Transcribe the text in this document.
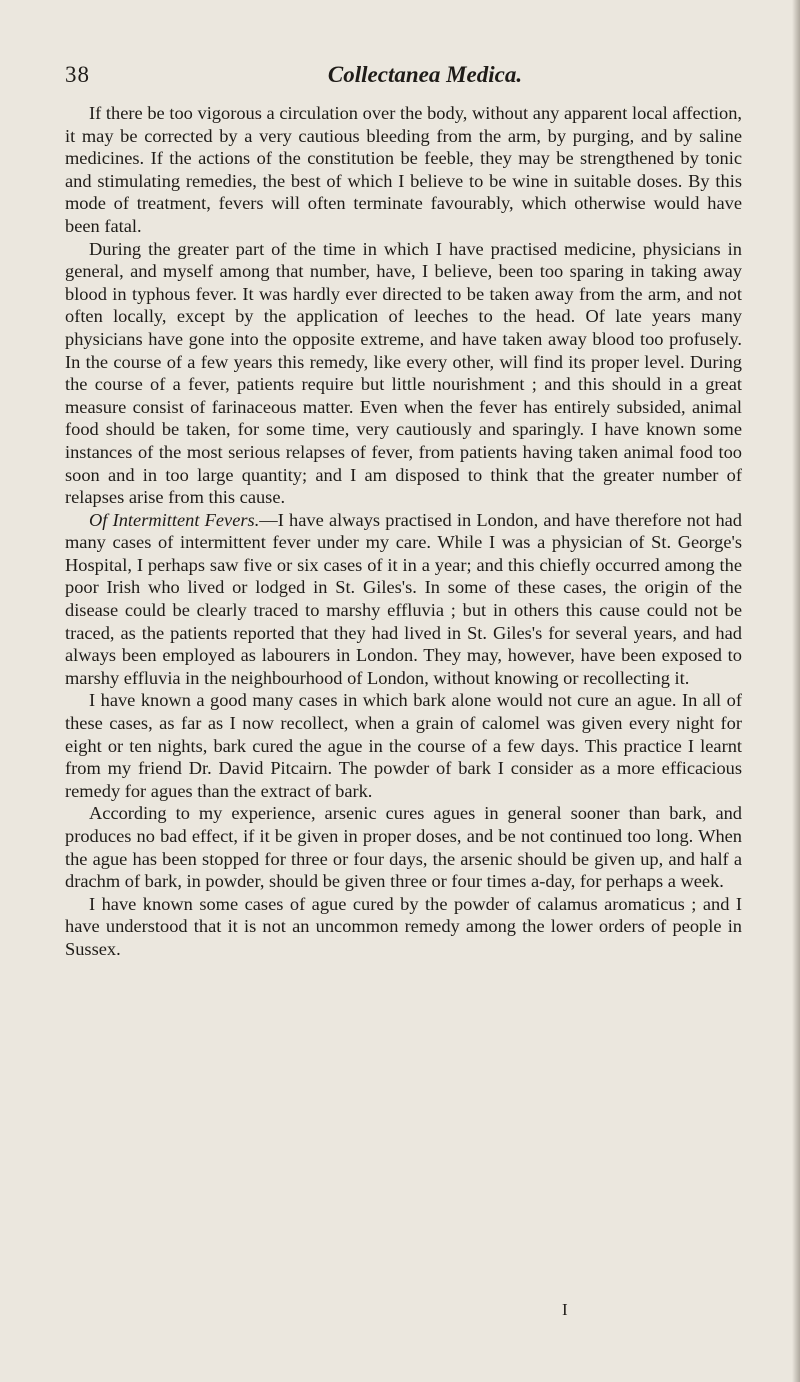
38	Collectanea Medica.

If there be too vigorous a circulation over the body, without any apparent local affection, it may be corrected by a very cautious bleeding from the arm, by purging, and by saline medicines. If the actions of the constitution be feeble, they may be strengthened by tonic and stimulating remedies, the best of which I believe to be wine in suitable doses. By this mode of treatment, fevers will often terminate favourably, which otherwise would have been fatal.

During the greater part of the time in which I have practised medicine, physicians in general, and myself among that number, have, I believe, been too sparing in taking away blood in typhous fever. It was hardly ever directed to be taken away from the arm, and not often locally, except by the application of leeches to the head. Of late years many physicians have gone into the opposite extreme, and have taken away blood too profusely. In the course of a few years this remedy, like every other, will find its proper level. During the course of a fever, patients require but little nourishment ; and this should in a great measure consist of farinaceous matter. Even when the fever has entirely subsided, animal food should be taken, for some time, very cautiously and sparingly. I have known some instances of the most serious relapses of fever, from patients having taken animal food too soon and in too large quantity; and I am disposed to think that the greater number of relapses arise from this cause.

Of Intermittent Fevers.—I have always practised in London, and have therefore not had many cases of intermittent fever under my care. While I was a physician of St. George's Hospital, I perhaps saw five or six cases of it in a year; and this chiefly occurred among the poor Irish who lived or lodged in St. Giles's. In some of these cases, the origin of the disease could be clearly traced to marshy effluvia ; but in others this cause could not be traced, as the patients reported that they had lived in St. Giles's for several years, and had always been employed as labourers in London. They may, however, have been exposed to marshy effluvia in the neighbourhood of London, without knowing or recollecting it.

I have known a good many cases in which bark alone would not cure an ague. In all of these cases, as far as I now recollect, when a grain of calomel was given every night for eight or ten nights, bark cured the ague in the course of a few days. This practice I learnt from my friend Dr. David Pitcairn. The powder of bark I consider as a more efficacious remedy for agues than the extract of bark.

According to my experience, arsenic cures agues in general sooner than bark, and produces no bad effect, if it be given in proper doses, and be not continued too long. When the ague has been stopped for three or four days, the arsenic should be given up, and half a drachm of bark, in powder, should be given three or four times a-day, for perhaps a week.

I have known some cases of ague cured by the powder of calamus aromaticus ; and I have understood that it is not an uncommon remedy among the lower orders of people in Sussex.

I
